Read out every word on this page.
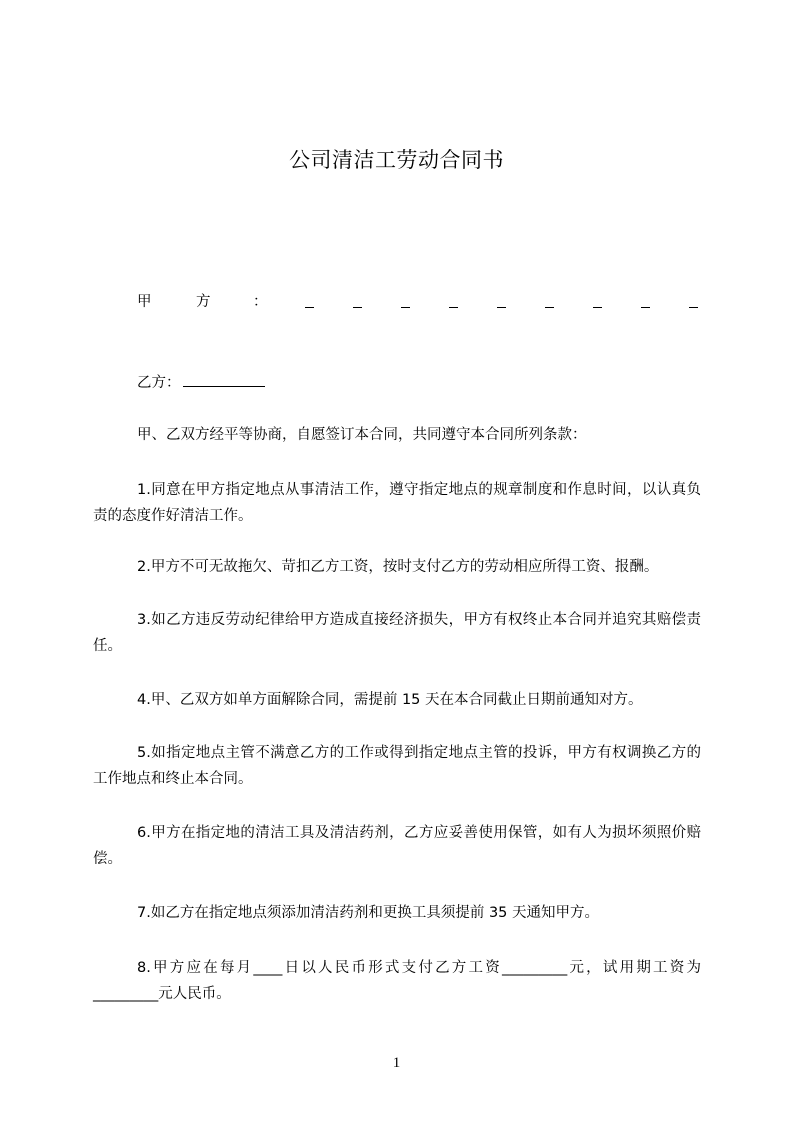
公司清洁工劳动合同书
甲	方	：
乙方：
甲、乙双方经平等协商，自愿签订本合同，共同遵守本合同所列条款：
1.同意在甲方指定地点从事清洁工作，遵守指定地点的规章制度和作息时间，以认真负责的态度作好清洁工作。
2.甲方不可无故拖欠、苛扣乙方工资，按时支付乙方的劳动相应所得工资、报酬。
3.如乙方违反劳动纪律给甲方造成直接经济损失，甲方有权终止本合同并追究其赔偿责任。
4.甲、乙双方如单方面解除合同，需提前 15 天在本合同截止日期前通知对方。
5.如指定地点主管不满意乙方的工作或得到指定地点主管的投诉，甲方有权调换乙方的工作地点和终止本合同。
6.甲方在指定地的清洁工具及清洁药剂，乙方应妥善使用保管，如有人为损坏须照价赔偿。
7.如乙方在指定地点须添加清洁药剂和更换工具须提前 35 天通知甲方。
8.甲方应在每月____日以人民币形式支付乙方工资_________元，试用期工资为_________元人民币。
1
